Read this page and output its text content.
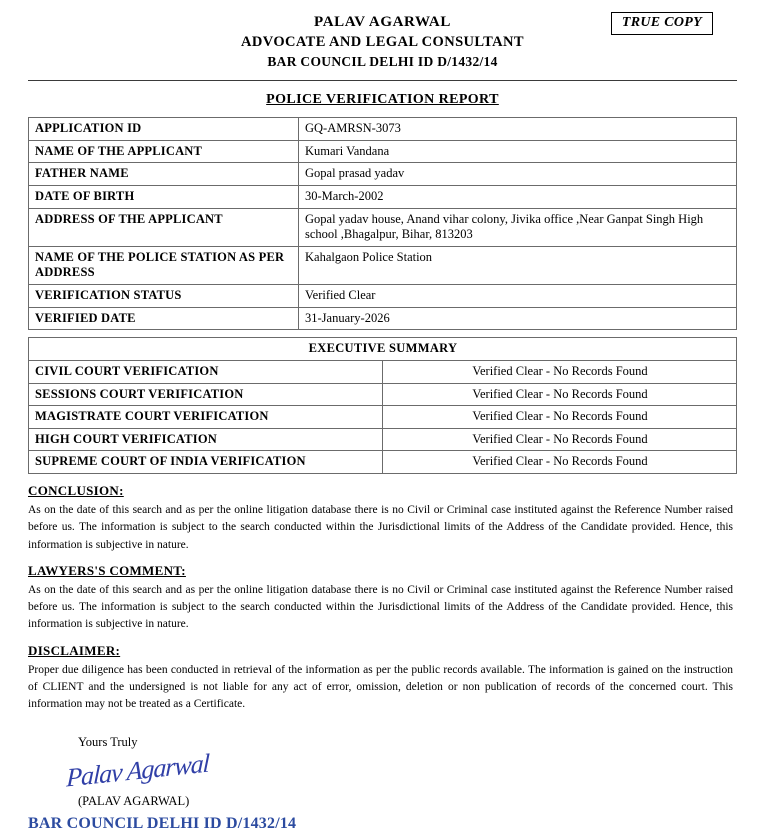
TRUE COPY
PALAV AGARWAL
ADVOCATE AND LEGAL CONSULTANT
BAR COUNCIL DELHI ID D/1432/14
POLICE VERIFICATION REPORT
APPLICATION ID	GQ-AMRSN-3073
NAME OF THE APPLICANT	Kumari Vandana
FATHER NAME	Gopal prasad yadav
DATE OF BIRTH	30-March-2002
ADDRESS OF THE APPLICANT	Gopal yadav house, Anand vihar colony, Jivika office ,Near Ganpat Singh High school ,Bhagalpur, Bihar, 813203
NAME OF THE POLICE STATION AS PER ADDRESS	Kahalgaon Police Station
VERIFICATION STATUS	Verified Clear
VERIFIED DATE	31-January-2026
EXECUTIVE SUMMARY	
CIVIL COURT VERIFICATION	Verified Clear - No Records Found
SESSIONS COURT VERIFICATION	Verified Clear - No Records Found
MAGISTRATE COURT VERIFICATION	Verified Clear - No Records Found
HIGH COURT VERIFICATION	Verified Clear - No Records Found
SUPREME COURT OF INDIA VERIFICATION	Verified Clear - No Records Found
CONCLUSION:
As on the date of this search and as per the online litigation database there is no Civil or Criminal case instituted against the Reference Number raised before us. The information is subject to the search conducted within the Jurisdictional limits of the Address of the Candidate provided. Hence, this information is subjective in nature.
LAWYERS'S COMMENT:
As on the date of this search and as per the online litigation database there is no Civil or Criminal case instituted against the Reference Number raised before us. The information is subject to the search conducted within the Jurisdictional limits of the Address of the Candidate provided. Hence, this information is subjective in nature.
DISCLAIMER:
Proper due diligence has been conducted in retrieval of the information as per the public records available. The information is gained on the instruction of CLIENT and the undersigned is not liable for any act of error, omission, deletion or non publication of records of the concerned court. This information may not be treated as a Certificate.
Yours Truly
Palav Agarwal
(PALAV AGARWAL)
BAR COUNCIL DELHI ID D/1432/14
